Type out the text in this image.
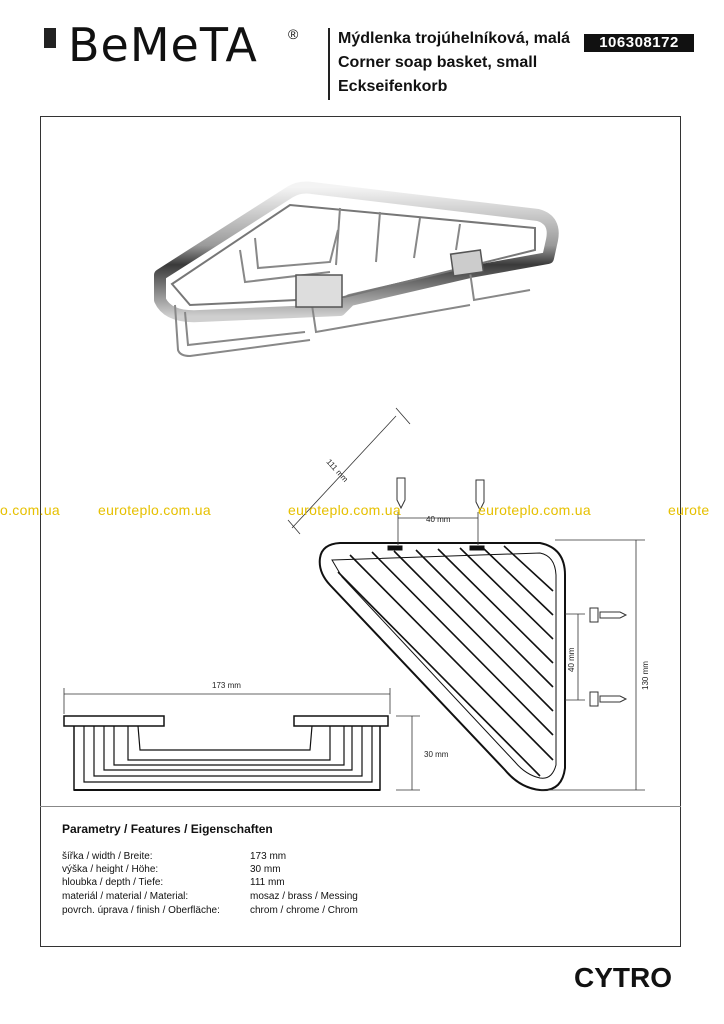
BeMeTA ® Mýdlenka trojúhelníková, malá
Corner soap basket, small
Eckseifenkorb
106308172
111 mm
40 mm
173 mm
30 mm
40 mm
130 mm
o.com.ua	euroteplo.com.ua	euroteplo.com.ua	euroteplo.com.ua	eurote
Parametry / Features / Eigenschaften
šířka / width / Breite:	173 mm
výška / height / Höhe:	30 mm
hloubka / depth / Tiefe:	111 mm
materiál / material / Material:	mosaz / brass / Messing
povrch. úprava / finish / Oberfläche:	chrom / chrome / Chrom
CYTRO
